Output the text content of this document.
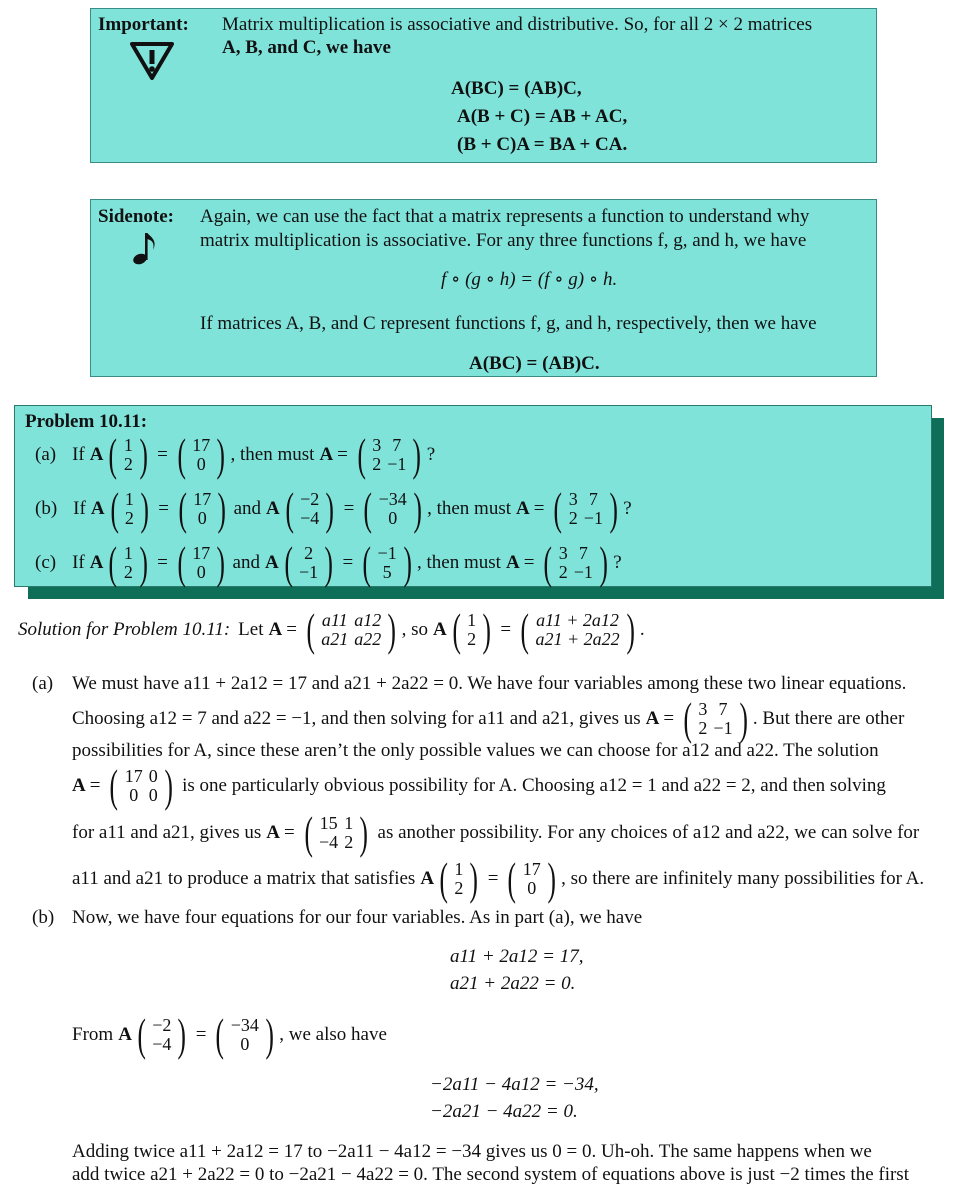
Important: Matrix multiplication is associative and distributive. So, for all 2 × 2 matrices
A, B, and C, we have
A(BC) = (AB)C,
A(B + C) = AB + AC,
(B + C)A = BA + CA.
Sidenote: Again, we can use the fact that a matrix represents a function to understand why
matrix multiplication is associative. For any three functions f, g, and h, we have
f ∘ (g ∘ h) = (f ∘ g) ∘ h.
If matrices A, B, and C represent functions f, g, and h, respectively, then we have
A(BC) = (AB)C.
Problem 10.11:
(a) If A ( 1
2 ) = ( 17
0 ) , then must A = ( 3	7
2	−1 ) ?
(b) If A ( 1
2 ) = ( 17
0 ) and A ( −2
−4 ) = ( −34
0 ) , then must A = ( 3	7
2	−1 ) ?
(c) If A ( 1
2 ) = ( 17
0 ) and A ( 2
−1 ) = ( −1
5 ) , then must A = ( 3	7
2	−1 ) ?
Solution for Problem 10.11: Let A = ( a11	a12
a21	a22 ) , so A ( 1
2 ) = ( a11 + 2a12
a21 + 2a22 ) .
(a) We must have a11 + 2a12 = 17 and a21 + 2a22 = 0. We have four variables among these two linear equations.
Choosing a12 = 7 and a22 = −1, and then solving for a11 and a21, gives us A = ( 3	7
2	−1 ) . But there are other
possibilities for A, since these aren’t the only possible values we can choose for a12 and a22. The solution
A = ( 17	0
0	0 ) is one particularly obvious possibility for A. Choosing a12 = 1 and a22 = 2, and then solving
for a11 and a21, gives us A = ( 15	1
−4	2 ) as another possibility. For any choices of a12 and a22, we can solve for
a11 and a21 to produce a matrix that satisfies A ( 1
2 ) = ( 17
0 ) , so there are infinitely many possibilities for A.
(b) Now, we have four equations for our four variables. As in part (a), we have
a11 + 2a12 = 17,
a21 + 2a22 = 0.
From A ( −2
−4 ) = ( −34
0 ) , we also have
−2a11 − 4a12 = −34,
−2a21 − 4a22 = 0.
Adding twice a11 + 2a12 = 17 to −2a11 − 4a12 = −34 gives us 0 = 0. Uh-oh. The same happens when we
add twice a21 + 2a22 = 0 to −2a21 − 4a22 = 0. The second system of equations above is just −2 times the first
